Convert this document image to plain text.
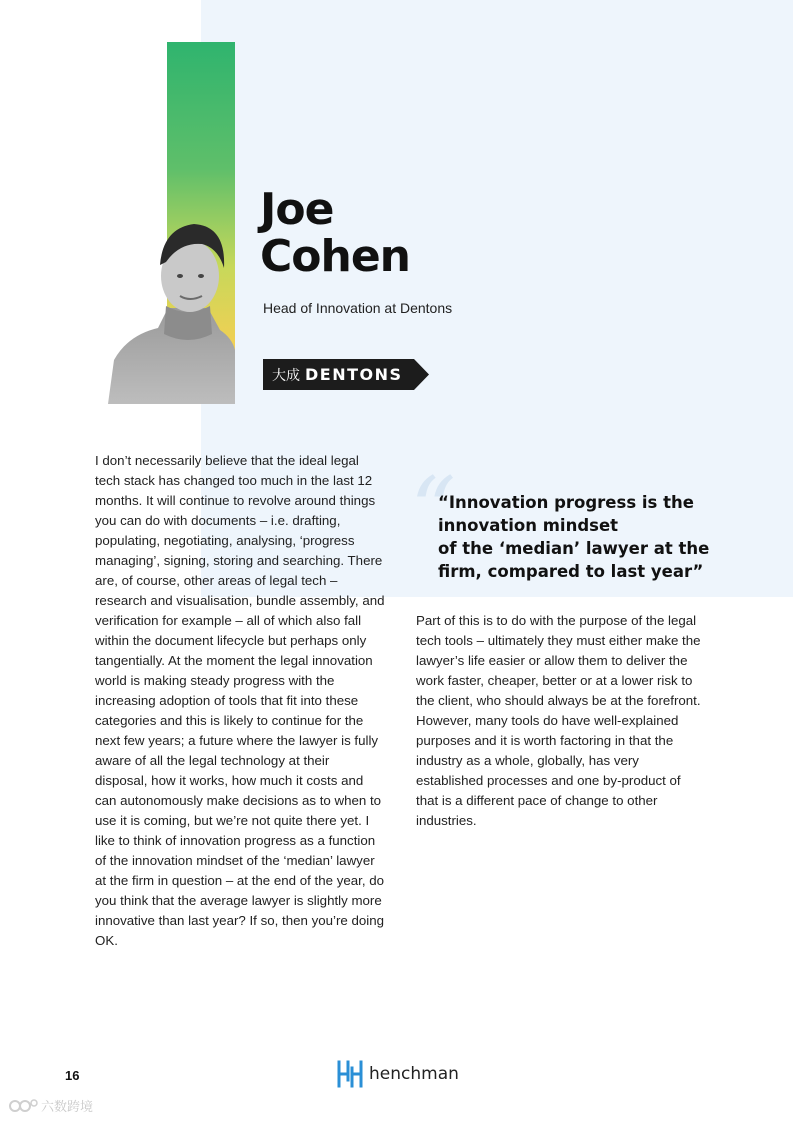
Joe
Cohen
Head of Innovation at Dentons
大成 DENTONS

I don’t necessarily believe that the ideal legal tech stack has changed too much in the last 12 months. It will continue to revolve around things you can do with documents – i.e. drafting, populating, negotiating, analysing, ‘progress managing’, signing, storing and searching. There are, of course, other areas of legal tech – research and visualisation, bundle assembly, and verification for example – all of which also fall within the document lifecycle but perhaps only tangentially. At the moment the legal innovation world is making steady progress with the increasing adoption of tools that fit into these categories and this is likely to continue for the next few years; a future where the lawyer is fully aware of all the legal technology at their disposal, how it works, how much it costs and can autonomously make decisions as to when to use it is coming, but we’re not quite there yet. I like to think of innovation progress as a function of the innovation mindset of the ‘median’ lawyer at the firm in question – at the end of the year, do you think that the average lawyer is slightly more innovative than last year? If so, then you’re doing OK.

“
“Innovation progress is the
innovation mindset
of the ‘median’ lawyer at the
firm, compared to last year”

Part of this is to do with the purpose of the legal tech tools – ultimately they must either make the lawyer’s life easier or allow them to deliver the work faster, cheaper, better or at a lower risk to the client, who should always be at the forefront. However, many tools do have well-explained purposes and it is worth factoring in that the industry as a whole, globally, has very established processes and one by-product of that is a different pace of change to other industries.

16	henchman
六数跨境
